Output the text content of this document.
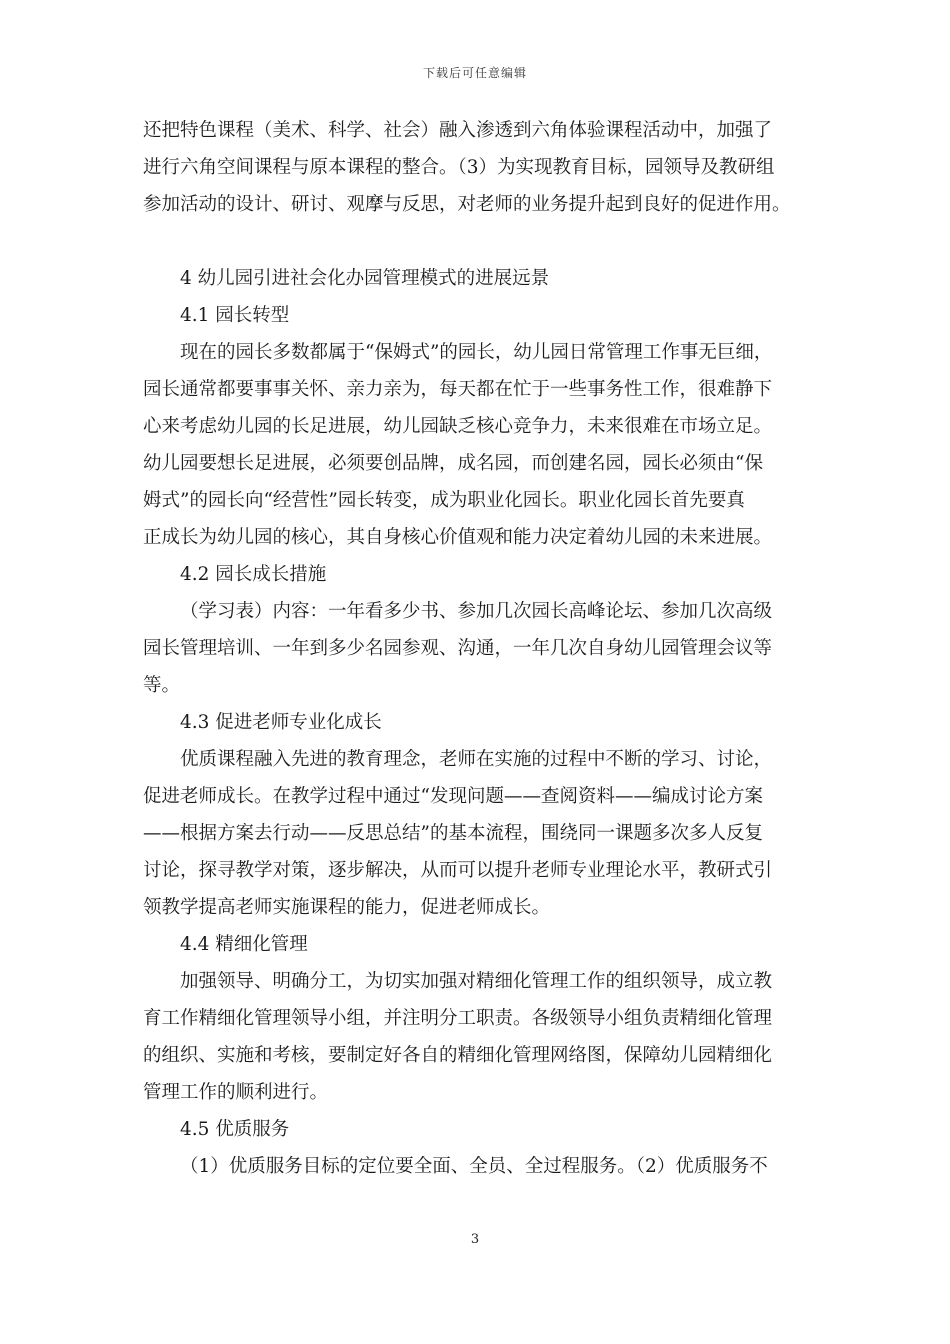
下载后可任意编辑
还把特色课程（美术、科学、社会）融入渗透到六角体验课程活动中，加强了
进行六角空间课程与原本课程的整合。（3）为实现教育目标，园领导及教研组
参加活动的设计、研讨、观摩与反思，对老师的业务提升起到良好的促进作用。
4 幼儿园引进社会化办园管理模式的进展远景
4.1 园长转型
现在的园长多数都属于“保姆式”的园长，幼儿园日常管理工作事无巨细，
园长通常都要事事关怀、亲力亲为，每天都在忙于一些事务性工作，很难静下
心来考虑幼儿园的长足进展，幼儿园缺乏核心竞争力，未来很难在市场立足。
幼儿园要想长足进展，必须要创品牌，成名园，而创建名园，园长必须由“保
姆式”的园长向“经营性”园长转变，成为职业化园长。职业化园长首先要真
正成长为幼儿园的核心，其自身核心价值观和能力决定着幼儿园的未来进展。
4.2 园长成长措施
（学习表）内容：一年看多少书、参加几次园长高峰论坛、参加几次高级
园长管理培训、一年到多少名园参观、沟通，一年几次自身幼儿园管理会议等
等。
4.3 促进老师专业化成长
优质课程融入先进的教育理念，老师在实施的过程中不断的学习、讨论，
促进老师成长。在教学过程中通过“发现问题——查阅资料——编成讨论方案
——根据方案去行动——反思总结”的基本流程，围绕同一课题多次多人反复
讨论，探寻教学对策，逐步解决，从而可以提升老师专业理论水平，教研式引
领教学提高老师实施课程的能力，促进老师成长。
4.4 精细化管理
加强领导、明确分工，为切实加强对精细化管理工作的组织领导，成立教
育工作精细化管理领导小组，并注明分工职责。各级领导小组负责精细化管理
的组织、实施和考核，要制定好各自的精细化管理网络图，保障幼儿园精细化
管理工作的顺利进行。
4.5 优质服务
（1）优质服务目标的定位要全面、全员、全过程服务。（2）优质服务不
3
